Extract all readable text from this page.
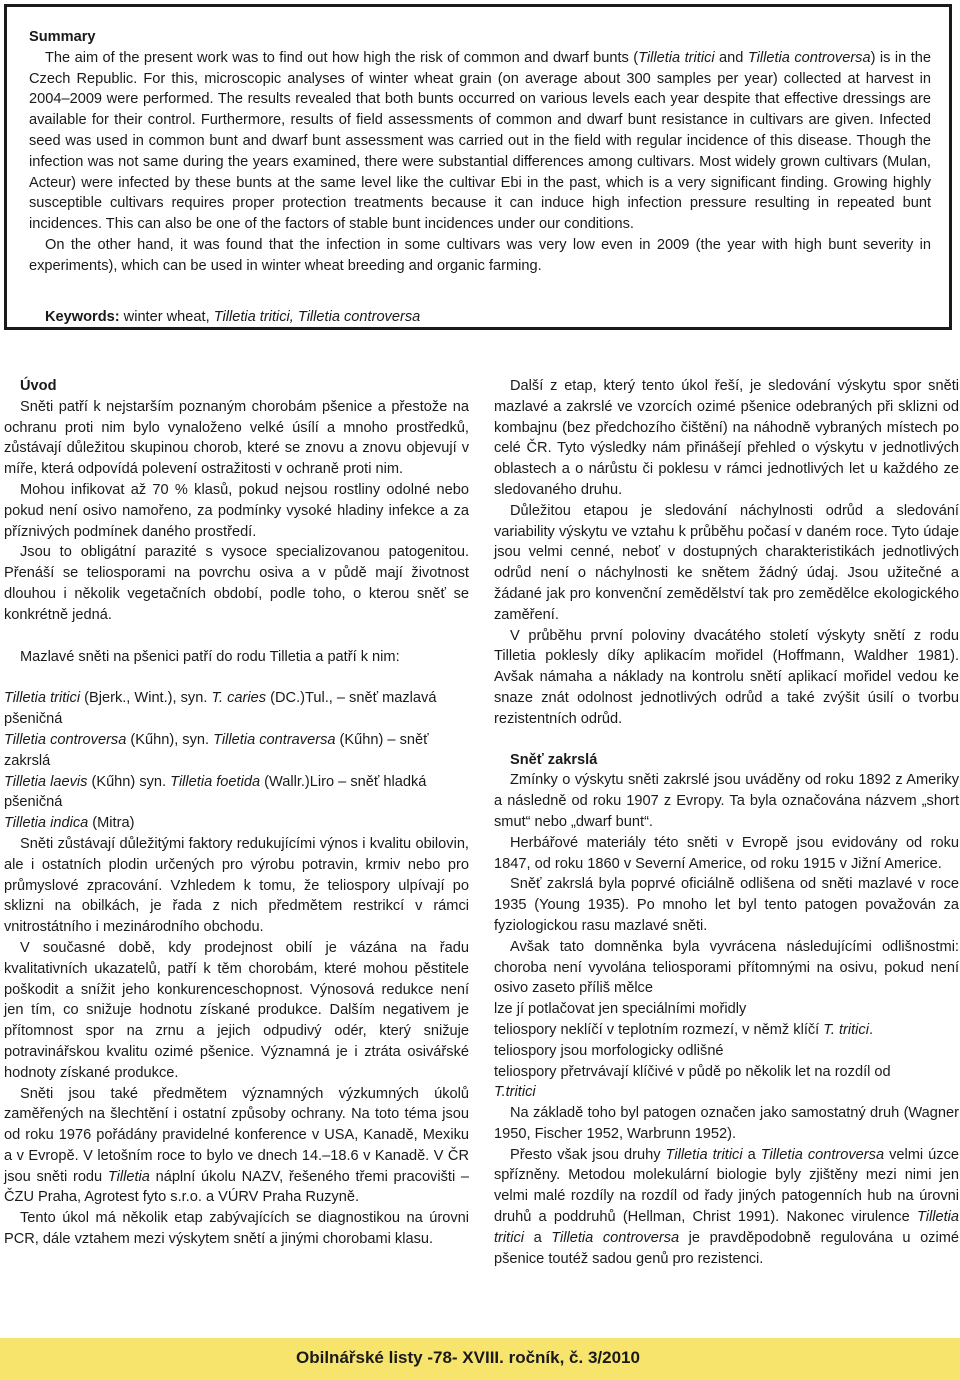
Summary

The aim of the present work was to find out how high the risk of common and dwarf bunts (Tilletia tritici and Tilletia controversa) is in the Czech Republic. For this, microscopic analyses of winter wheat grain (on average about 300 samples per year) collected at harvest in 2004–2009 were performed. The results revealed that both bunts occurred on various levels each year despite that effective dressings are available for their control. Furthermore, results of field assessments of common and dwarf bunt resistance in cultivars are given. Infected seed was used in common bunt and dwarf bunt assessment was carried out in the field with regular incidence of this disease. Though the infection was not same during the years examined, there were substantial differences among cultivars. Most widely grown cultivars (Mulan, Acteur) were infected by these bunts at the same level like the cultivar Ebi in the past, which is a very significant finding. Growing highly susceptible cultivars requires proper protection treatments because it can induce high infection pressure resulting in repeated bunt incidences. This can also be one of the factors of stable bunt incidences under our conditions.

On the other hand, it was found that the infection in some cultivars was very low even in 2009 (the year with high bunt severity in experiments), which can be used in winter wheat breeding and organic farming.

Keywords: winter wheat, Tilletia tritici, Tilletia controversa

Úvod

Sněti patří k nejstarším poznaným chorobám pšenice a přestože na ochranu proti nim bylo vynaloženo velké úsílí a mnoho prostředků, zůstávají důležitou skupinou chorob, které se znovu a znovu objevují v míře, která odpovídá polevení ostražitosti v ochraně proti nim.

Mohou infikovat až 70 % klasů, pokud nejsou rostliny odolné nebo pokud není osivo namořeno, za podmínky vysoké hladiny infekce a za příznivých podmínek daného prostředí.

Jsou to obligátní parazité s vysoce specializovanou patogenitou. Přenáší se teliosporami na povrchu osiva a v půdě mají životnost dlouhou i několik vegetačních období, podle toho, o kterou sněť se konkrétně jedná.

Mazlavé sněti na pšenici patří do rodu Tilletia a patří k nim:

Tilletia tritici (Bjerk., Wint.), syn. T. caries (DC.)Tul., – sněť mazlavá pšeničná

Tilletia controversa (Kűhn), syn. Tilletia contraversa (Kűhn) – sněť zakrslá

Tilletia laevis (Kűhn) syn. Tilletia foetida (Wallr.)Liro – sněť hladká pšeničná

Tilletia indica (Mitra)

Sněti zůstávají důležitými faktory redukujícími výnos i kvalitu obilovin, ale i ostatních plodin určených pro výrobu potravin, krmiv nebo pro průmyslové zpracování. Vzhledem k tomu, že teliospory ulpívají po sklizni na obilkách, je řada z nich předmětem restrikcí v rámci vnitrostátního i mezinárodního obchodu.

V současné době, kdy prodejnost obilí je vázána na řadu kvalitativních ukazatelů, patří k těm chorobám, které mohou pěstitele poškodit a snížit jeho konkurenceschopnost. Výnosová redukce není jen tím, co snižuje hodnotu získané produkce. Dalším negativem je přítomnost spor na zrnu a jejich odpudivý odér, který snižuje potravinářskou kvalitu ozimé pšenice. Významná je i ztráta osivářské hodnoty získané produkce.

Sněti jsou také předmětem významných výzkumných úkolů zaměřených na šlechtění i ostatní způsoby ochrany. Na toto téma jsou od roku 1976 pořádány pravidelné konference v USA, Kanadě, Mexiku a v Evropě. V letošním roce to bylo ve dnech 14.–18.6 v Kanadě. V ČR jsou sněti rodu Tilletia náplní úkolu NAZV, řešeného třemi pracovišti – ČZU Praha, Agrotest fyto s.r.o. a VÚRV Praha Ruzyně.

Tento úkol má několik etap zabývajících se diagnostikou na úrovni PCR, dále vztahem mezi výskytem snětí a jinými chorobami klasu.

Další z etap, který tento úkol řeší, je sledování výskytu spor sněti mazlavé a zakrslé ve vzorcích ozimé pšenice odebraných při sklizni od kombajnu (bez předchozího čištění) na náhodně vybraných místech po celé ČR. Tyto výsledky nám přinášejí přehled o výskytu v jednotlivých oblastech a o nárůstu či poklesu v rámci jednotlivých let u každého ze sledovaného druhu.

Důležitou etapou je sledování náchylnosti odrůd a sledování variability výskytu ve vztahu k průběhu počasí v daném roce. Tyto údaje jsou velmi cenné, neboť v dostupných charakteristikách jednotlivých odrůd není o náchylnosti ke snětem žádný údaj. Jsou užitečné a žádané jak pro konvenční zemědělství tak pro zemědělce ekologického zaměření.

V průběhu první poloviny dvacátého století výskyty snětí z rodu Tilletia poklesly díky aplikacím mořidel (Hoffmann, Waldher 1981). Avšak námaha a náklady na kontrolu snětí aplikací mořidel vedou ke snaze znát odolnost jednotlivých odrůd a také zvýšit úsilí o tvorbu rezistentních odrůd.

Sněť zakrslá

Zmínky o výskytu sněti zakrslé jsou uváděny od roku 1892 z Ameriky a následně od roku 1907 z Evropy. Ta byla označována názvem „short smut“ nebo „dwarf bunt“.

Herbářové materiály této sněti v Evropě jsou evidovány od roku 1847, od roku 1860 v Severní Americe, od roku 1915 v Jižní Americe.

Sněť zakrslá byla poprvé oficiálně odlišena od sněti mazlavé v roce 1935 (Young 1935). Po mnoho let byl tento patogen považován za fyziologickou rasu mazlavé sněti.

Avšak tato domněnka byla vyvrácena následujícími odlišnostmi: choroba není vyvolána teliosporami přítomnými na osivu, pokud není osivo zaseto příliš mělce

lze jí potlačovat jen speciálními mořidly

teliospory neklíčí v teplotním rozmezí, v němž klíčí T. tritici.

teliospory jsou morfologicky odlišné

teliospory přetrvávají klíčivé v půdě po několik let na rozdíl od
T.tritici

Na základě toho byl patogen označen jako samostatný druh (Wagner 1950, Fischer 1952, Warbrunn 1952).

Přesto však jsou druhy Tilletia tritici a Tilletia controversa velmi úzce spřízněny. Metodou molekulární biologie byly zjištěny mezi nimi jen velmi malé rozdíly na rozdíl od řady jiných patogenních hub na úrovni druhů a poddruhů (Hellman, Christ 1991). Nakonec virulence Tilletia tritici a Tilletia controversa je pravděpodobně regulována u ozimé pšenice toutéž sadou genů pro rezistenci.

Obilnářské listy -78- XVIII. ročník, č. 3/2010
